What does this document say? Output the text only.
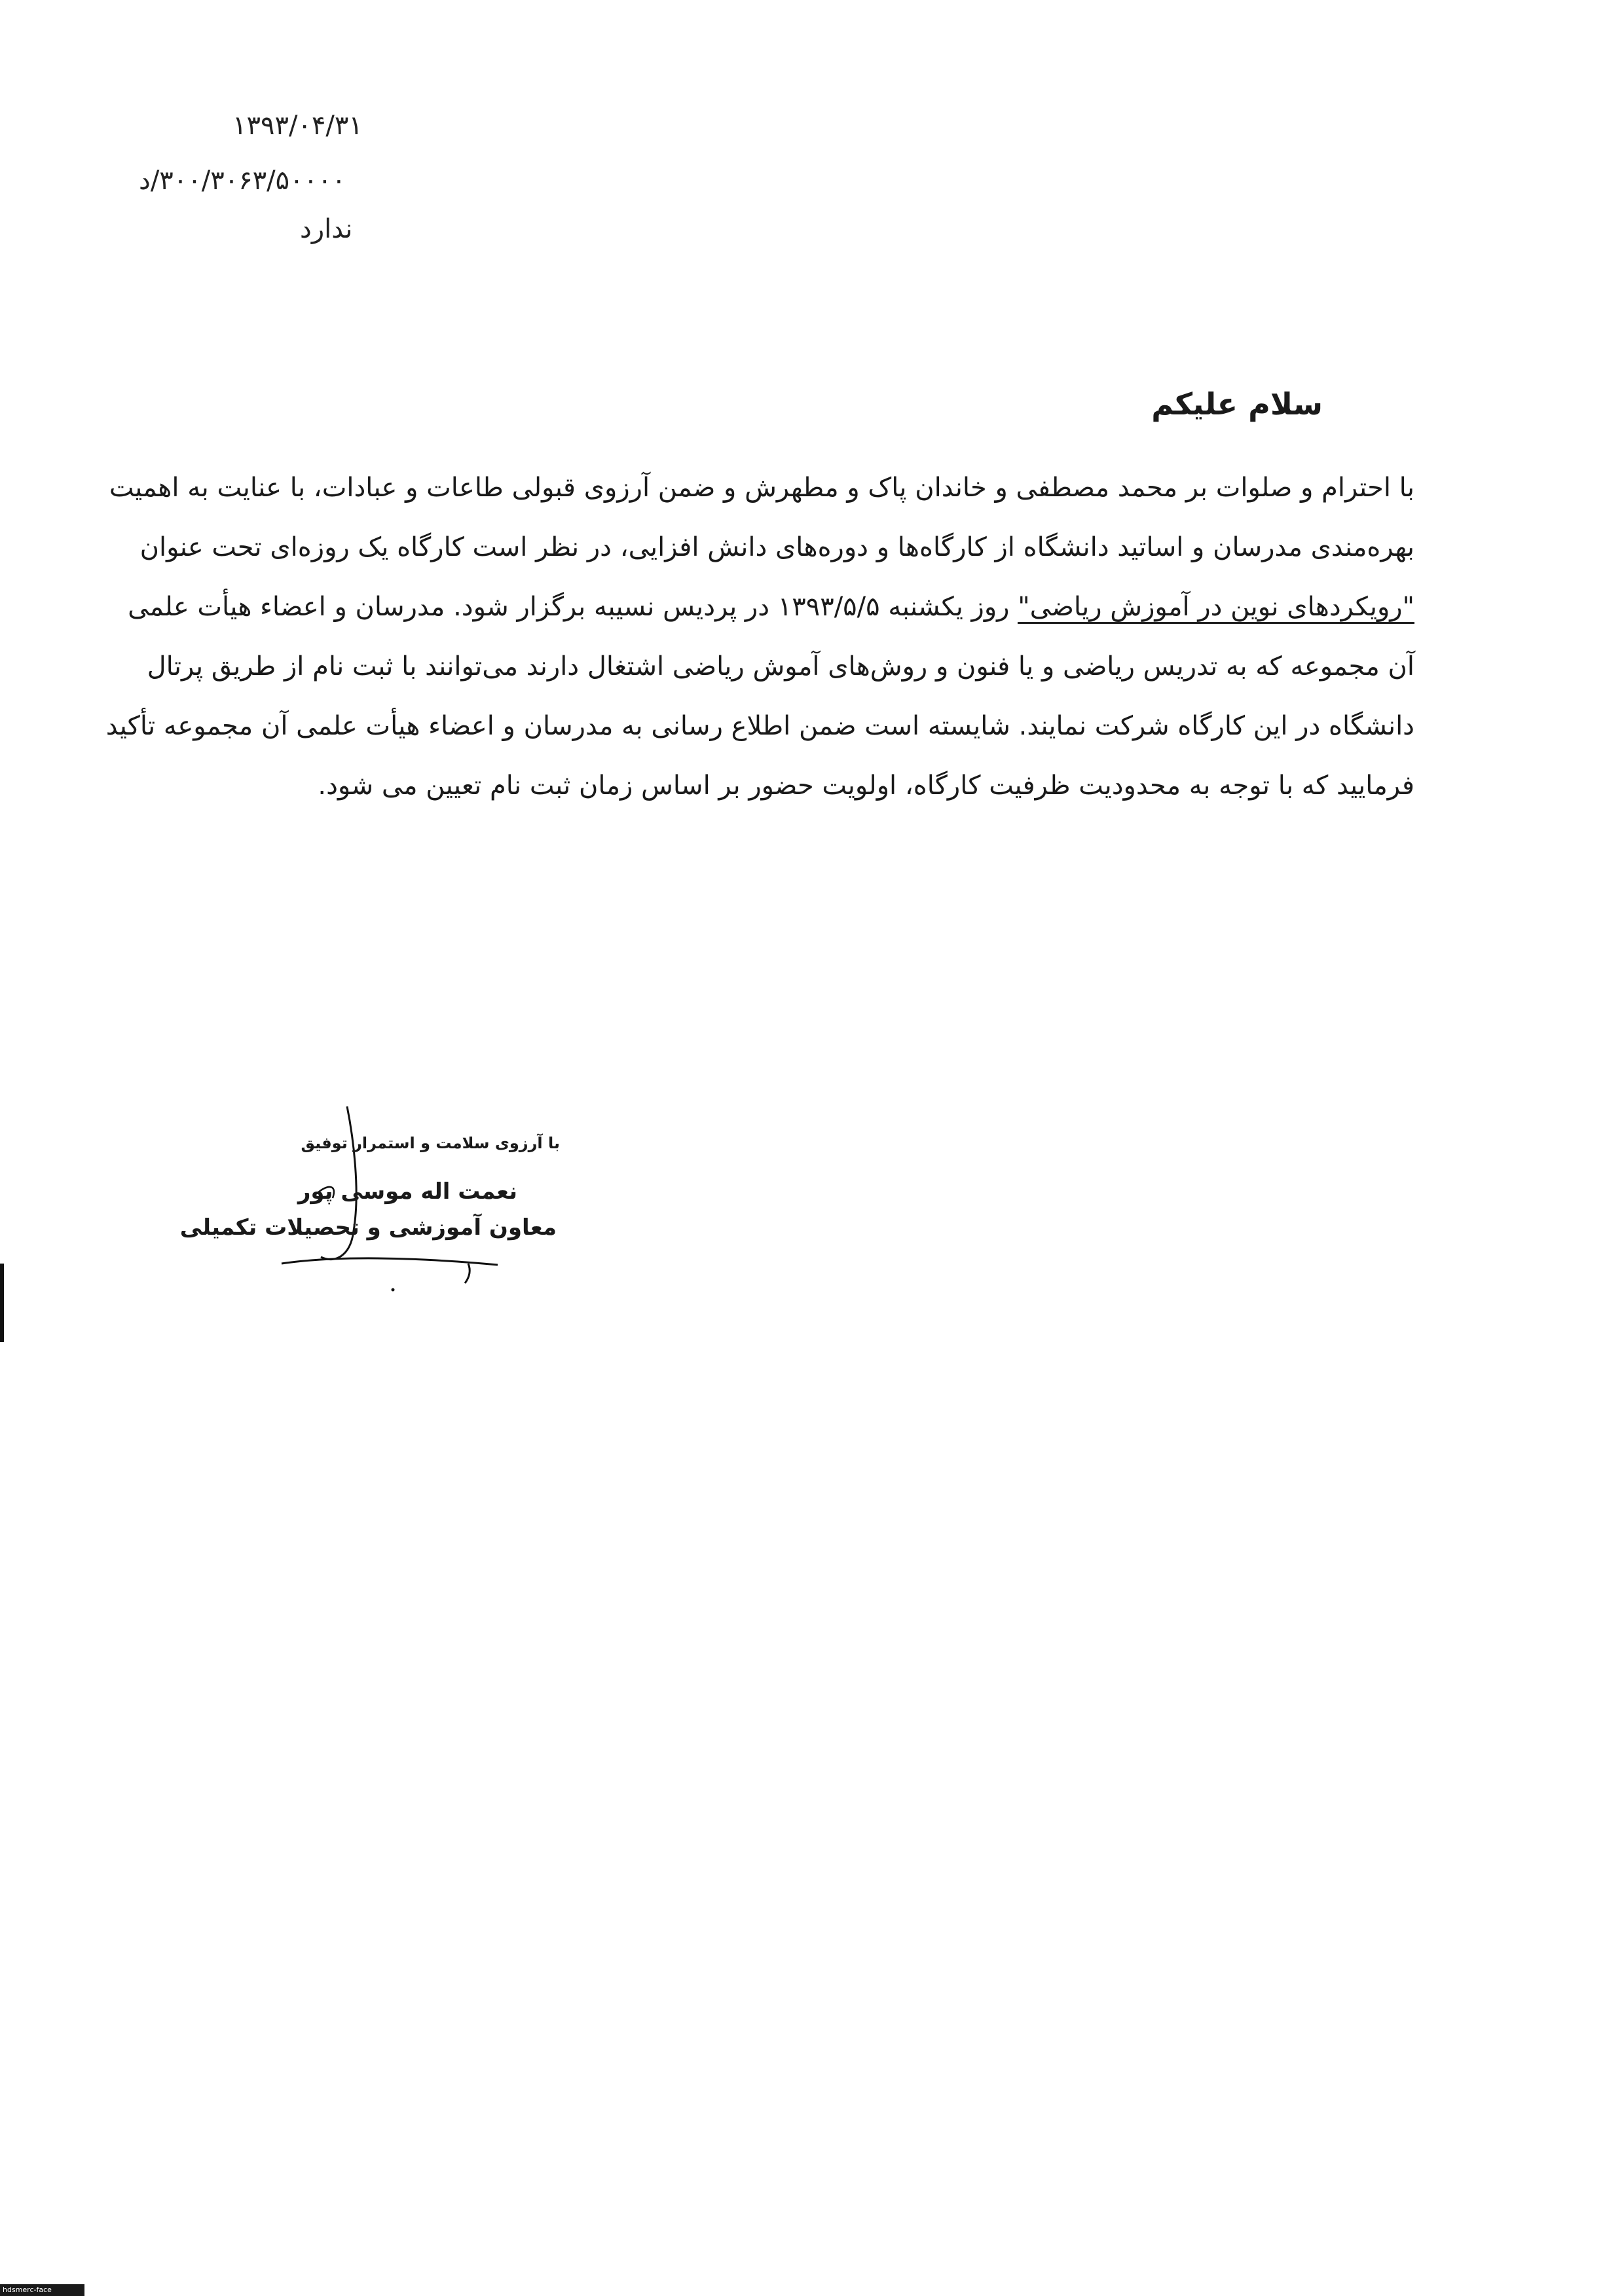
۱۳۹۳/۰۴/۳۱
۳۰۰/۳۰۶۳/۵۰۰۰۰/د
ندارد
سلام علیکم
با احترام و صلوات بر محمد مصطفی و خاندان پاک و مطهرش و ضمن آرزوی قبولی طاعات و عبادات، با عنایت به اهمیت
بهره‌مندی مدرسان و اساتید دانشگاه از کارگاه‌ها و دوره‌های دانش افزایی، در نظر است کارگاه یک روزه‌ای تحت عنوان
"رویکردهای نوین در آموزش ریاضی" روز یکشنبه ۱۳۹۳/۵/۵ در پردیس نسیبه برگزار شود. مدرسان و اعضاء هیأت علمی
آن مجموعه که به تدریس ریاضی و یا فنون و روش‌های آموش ریاضی اشتغال دارند می‌توانند با ثبت نام از طریق پرتال
دانشگاه در این کارگاه شرکت نمایند. شایسته است ضمن اطلاع رسانی به مدرسان و اعضاء هیأت علمی آن مجموعه تأکید
فرمایید که با توجه به محدودیت ظرفیت کارگاه، اولویت حضور بر اساس زمان ثبت نام تعیین می شود.
با آرزوی سلامت و استمرار توفیق
نعمت اله موسی پور
معاون آموزشی و تحصیلات تکمیلی
hdsmerc-face
